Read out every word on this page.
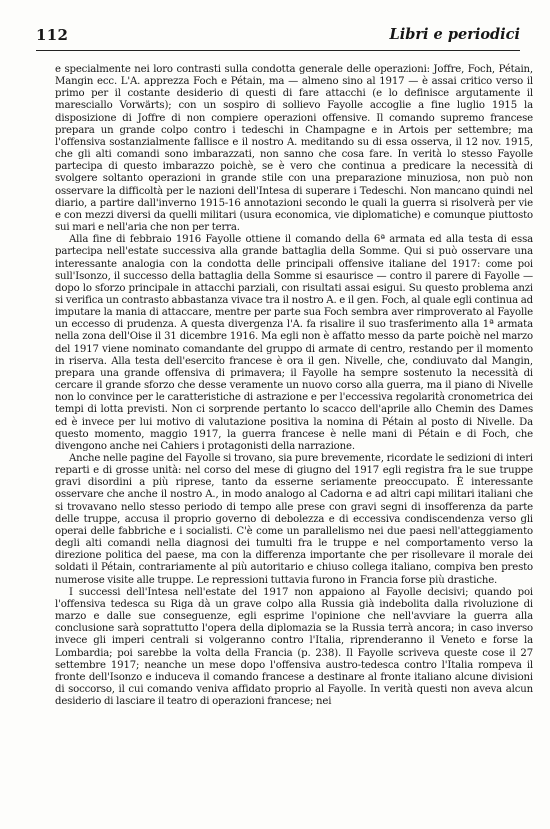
112	Libri e periodici

e specialmente nei loro contrasti sulla condotta generale delle operazioni: Joffre, Foch, Pétain, Mangin ecc. L'A. apprezza Foch e Pétain, ma — almeno sino al 1917 — è assai critico verso il primo per il costante desiderio di questi di fare attacchi (e lo definisce argutamente il maresciallo Vorwärts); con un sospiro di sollievo Fayolle accoglie a fine luglio 1915 la disposizione di Joffre di non compiere operazioni offensive. Il comando supremo francese prepara un grande colpo contro i tedeschi in Champagne e in Artois per settembre; ma l'offensiva sostanzialmente fallisce e il nostro A. meditando su di essa osserva, il 12 nov. 1915, che gli alti comandi sono imbarazzati, non sanno che cosa fare. In verità lo stesso Fayolle partecipa di questo imbarazzo poichè, se è vero che continua a predicare la necessità di svolgere soltanto operazioni in grande stile con una preparazione minuziosa, non può non osservare la difficoltà per le nazioni dell'Intesa di superare i Tedeschi. Non mancano quindi nel diario, a partire dall'inverno 1915-16 annotazioni secondo le quali la guerra si risolverà per vie e con mezzi diversi da quelli militari (usura economica, vie diplomatiche) e comunque piuttosto sui mari e nell'aria che non per terra.

Alla fine di febbraio 1916 Fayolle ottiene il comando della 6ª armata ed alla testa di essa partecipa nell'estate successiva alla grande battaglia della Somme. Qui si può osservare una interessante analogia con la condotta delle principali offensive italiane del 1917: come poi sull'Isonzo, il successo della battaglia della Somme si esaurisce — contro il parere di Fayolle — dopo lo sforzo principale in attacchi parziali, con risultati assai esigui. Su questo problema anzi si verifica un contrasto abbastanza vivace tra il nostro A. e il gen. Foch, al quale egli continua ad imputare la mania di attaccare, mentre per parte sua Foch sembra aver rimproverato al Fayolle un eccesso di prudenza. A questa divergenza l'A. fa risalire il suo trasferimento alla 1ª armata nella zona dell'Oise il 31 dicembre 1916. Ma egli non è affatto messo da parte poichè nel marzo del 1917 viene nominato comandante del gruppo di armate di centro, restando per il momento in riserva. Alla testa dell'esercito francese è ora il gen. Nivelle, che, condiuvato dal Mangin, prepara una grande offensiva di primavera; il Fayolle ha sempre sostenuto la necessità di cercare il grande sforzo che desse veramente un nuovo corso alla guerra, ma il piano di Nivelle non lo convince per le caratteristiche di astrazione e per l'eccessiva regolarità cronometrica dei tempi di lotta previsti. Non ci sorprende pertanto lo scacco dell'aprile allo Chemin des Dames ed è invece per lui motivo di valutazione positiva la nomina di Pétain al posto di Nivelle. Da questo momento, maggio 1917, la guerra francese è nelle mani di Pétain e di Foch, che divengono anche nei Cahiers i protagonisti della narrazione.

Anche nelle pagine del Fayolle si trovano, sia pure brevemente, ricordate le sedizioni di interi reparti e di grosse unità: nel corso del mese di giugno del 1917 egli registra fra le sue truppe gravi disordini a più riprese, tanto da esserne seriamente preoccupato. È interessante osservare che anche il nostro A., in modo analogo al Cadorna e ad altri capi militari italiani che si trovavano nello stesso periodo di tempo alle prese con gravi segni di insofferenza da parte delle truppe, accusa il proprio governo di debolezza e di eccessiva condiscendenza verso gli operai delle fabbriche e i socialisti. C'è come un parallelismo nei due paesi nell'atteggiamento degli alti comandi nella diagnosi dei tumulti fra le truppe e nel comportamento verso la direzione politica del paese, ma con la differenza importante che per risollevare il morale dei soldati il Pétain, contrariamente al più autoritario e chiuso collega italiano, compiva ben presto numerose visite alle truppe. Le repressioni tuttavia furono in Francia forse più drastiche.

I successi dell'Intesa nell'estate del 1917 non appaiono al Fayolle decisivi; quando poi l'offensiva tedesca su Riga dà un grave colpo alla Russia già indebolita dalla rivoluzione di marzo e dalle sue conseguenze, egli esprime l'opinione che nell'avviare la guerra alla conclusione sarà soprattutto l'opera della diplomazia se la Russia terrà ancora; in caso inverso invece gli imperi centrali si volgeranno contro l'Italia, riprenderanno il Veneto e forse la Lombardia; poi sarebbe la volta della Francia (p. 238). Il Fayolle scriveva queste cose il 27 settembre 1917; neanche un mese dopo l'offensiva austro-tedesca contro l'Italia rompeva il fronte dell'Isonzo e induceva il comando francese a destinare al fronte italiano alcune divisioni di soccorso, il cui comando veniva affidato proprio al Fayolle. In verità questi non aveva alcun desiderio di lasciare il teatro di operazioni francese; nei
